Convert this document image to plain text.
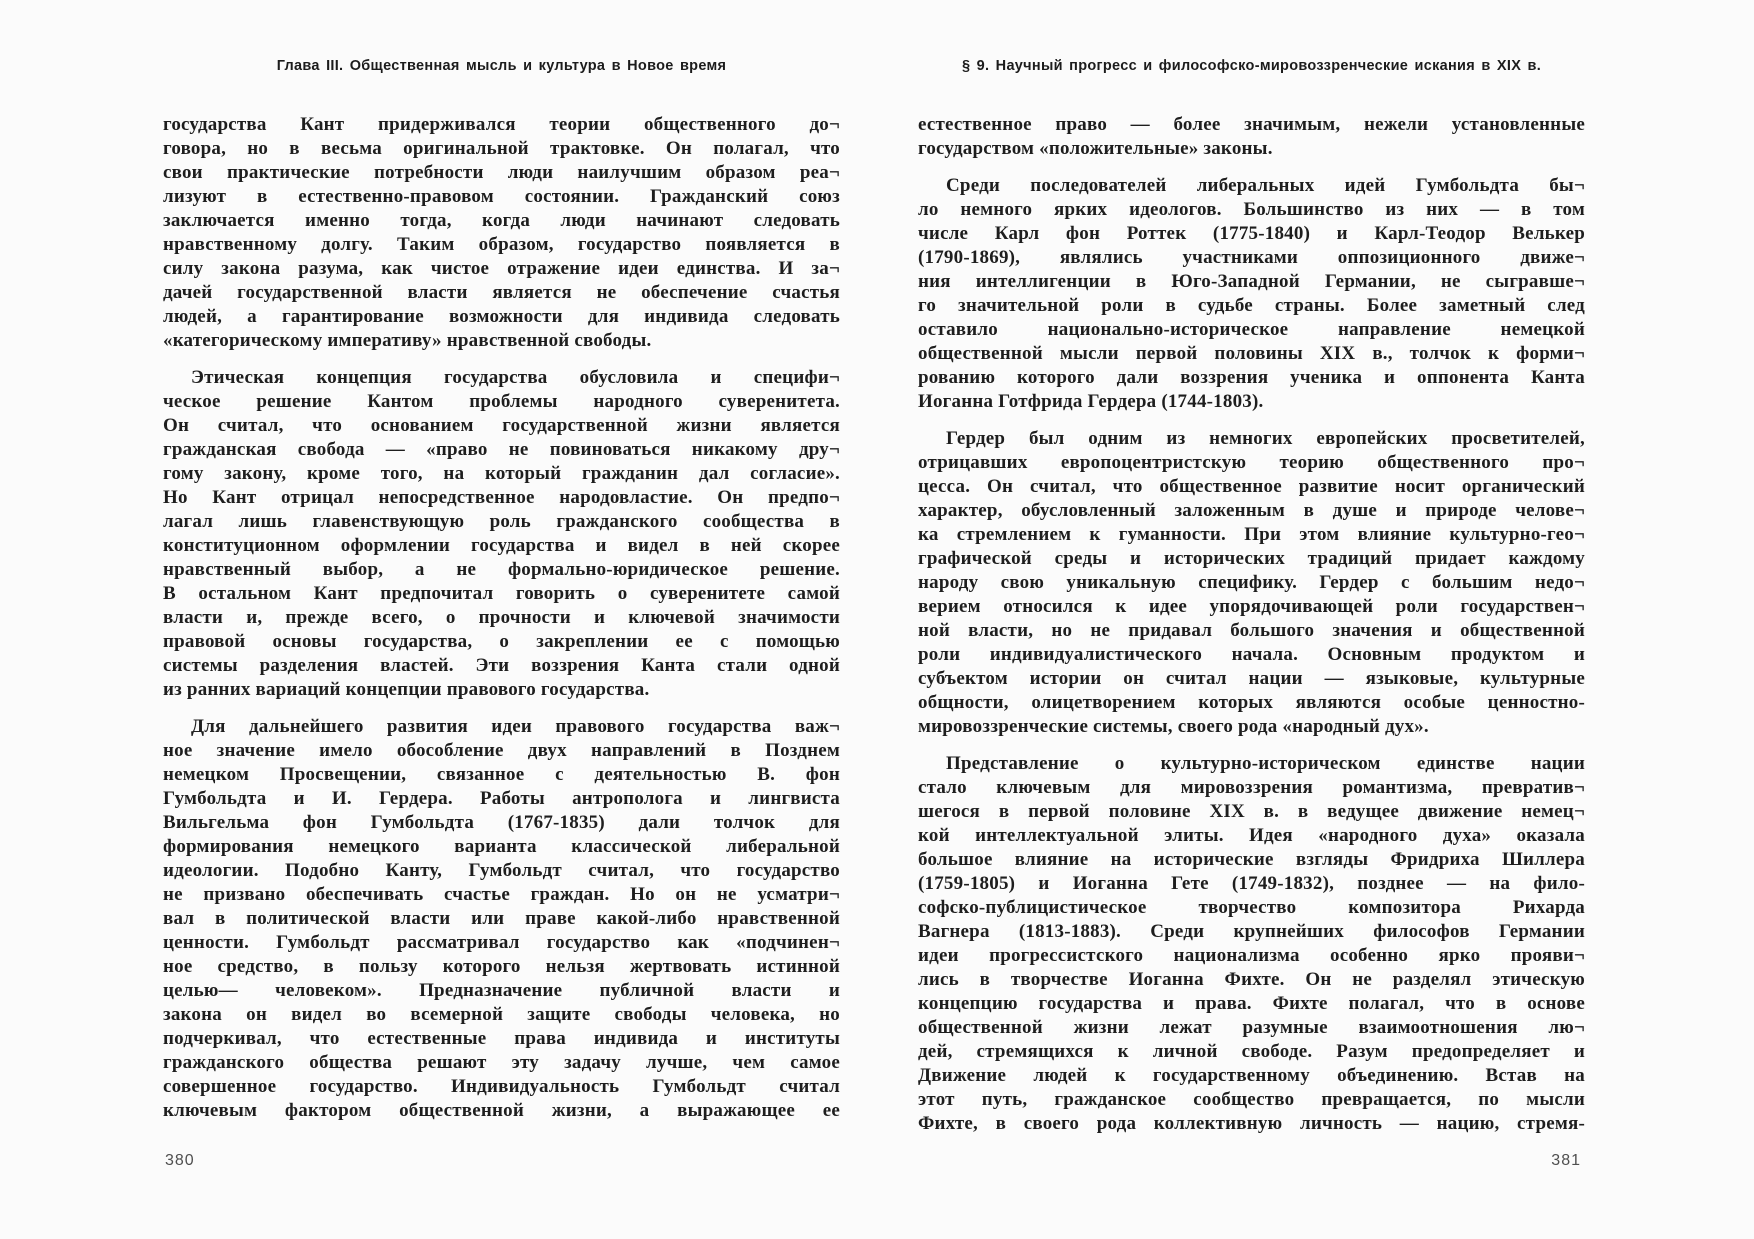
Глава III. Общественная мысль и культура в Новое время
государства Кант придерживался теории общественного до¬
говора, но в весьма оригинальной трактовке. Он полагал, что
свои практические потребности люди наилучшим образом реа¬
лизуют в естественно-правовом состоянии. Гражданский союз
заключается именно тогда, когда люди начинают следовать
нравственному долгу. Таким образом, государство появляется в
силу закона разума, как чистое отражение идеи единства. И за¬
дачей государственной власти является не обеспечение счастья
людей, а гарантирование возможности для индивида следовать
«категорическому императиву» нравственной свободы.
Этическая концепция государства обусловила и специфи¬
ческое решение Кантом проблемы народного суверенитета.
Он считал, что основанием государственной жизни является
гражданская свобода — «право не повиноваться никакому дру¬
гому закону, кроме того, на который гражданин дал согласие».
Но Кант отрицал непосредственное народовластие. Он предпо¬
лагал лишь главенствующую роль гражданского сообщества в
конституционном оформлении государства и видел в ней скорее
нравственный выбор, а не формально-юридическое решение.
В остальном Кант предпочитал говорить о суверенитете самой
власти и, прежде всего, о прочности и ключевой значимости
правовой основы государства, о закреплении ее с помощью
системы разделения властей. Эти воззрения Канта стали одной
из ранних вариаций концепции правового государства.
Для дальнейшего развития идеи правового государства важ¬
ное значение имело обособление двух направлений в Позднем
немецком Просвещении, связанное с деятельностью В. фон
Гумбольдта и И. Гердера. Работы антрополога и лингвиста
Вильгельма фон Гумбольдта (1767-1835) дали толчок для
формирования немецкого варианта классической либеральной
идеологии. Подобно Канту, Гумбольдт считал, что государство
не призвано обеспечивать счастье граждан. Но он не усматри¬
вал в политической власти или праве какой-либо нравственной
ценности. Гумбольдт рассматривал государство как «подчинен¬
ное средство, в пользу которого нельзя жертвовать истинной
целью— человеком». Предназначение публичной власти и
закона он видел во всемерной защите свободы человека, но
подчеркивал, что естественные права индивида и институты
гражданского общества решают эту задачу лучше, чем самое
совершенное государство. Индивидуальность Гумбольдт считал
ключевым фактором общественной жизни, а выражающее ее
380
§ 9. Научный прогресс и философско-мировоззренческие искания в XIX в.
естественное право — более значимым, нежели установленные
государством «положительные» законы.
Среди последователей либеральных идей Гумбольдта бы¬
ло немного ярких идеологов. Большинство из них — в том
числе Карл фон Роттек (1775-1840) и Карл-Теодор Велькер
(1790-1869), являлись участниками оппозиционного движе¬
ния интеллигенции в Юго-Западной Германии, не сыгравше¬
го значительной роли в судьбе страны. Более заметный след
оставило национально-историческое направление немецкой
общественной мысли первой половины XIX в., толчок к форми¬
рованию которого дали воззрения ученика и оппонента Канта
Иоганна Готфрида Гердера (1744-1803).
Гердер был одним из немногих европейских просветителей,
отрицавших европоцентристскую теорию общественного про¬
цесса. Он считал, что общественное развитие носит органический
характер, обусловленный заложенным в душе и природе челове¬
ка стремлением к гуманности. При этом влияние культурно-гео¬
графической среды и исторических традиций придает каждому
народу свою уникальную специфику. Гердер с большим недо¬
верием относился к идее упорядочивающей роли государствен¬
ной власти, но не придавал большого значения и общественной
роли индивидуалистического начала. Основным продуктом и
субъектом истории он считал нации — языковые, культурные
общности, олицетворением которых являются особые ценностно-
мировоззренческие системы, своего рода «народный дух».
Представление о культурно-историческом единстве нации
стало ключевым для мировоззрения романтизма, превратив¬
шегося в первой половине XIX в. в ведущее движение немец¬
кой интеллектуальной элиты. Идея «народного духа» оказала
большое влияние на исторические взгляды Фридриха Шиллера
(1759-1805) и Иоганна Гете (1749-1832), позднее — на фило-
софско-публицистическое творчество композитора Рихарда
Вагнера (1813-1883). Среди крупнейших философов Германии
идеи прогрессистского национализма особенно ярко прояви¬
лись в творчестве Иоганна Фихте. Он не разделял этическую
концепцию государства и права. Фихте полагал, что в основе
общественной жизни лежат разумные взаимоотношения лю¬
дей, стремящихся к личной свободе. Разум предопределяет и
Движение людей к государственному объединению. Встав на
этот путь, гражданское сообщество превращается, по мысли
Фихте, в своего рода коллективную личность — нацию, стремя-
381
